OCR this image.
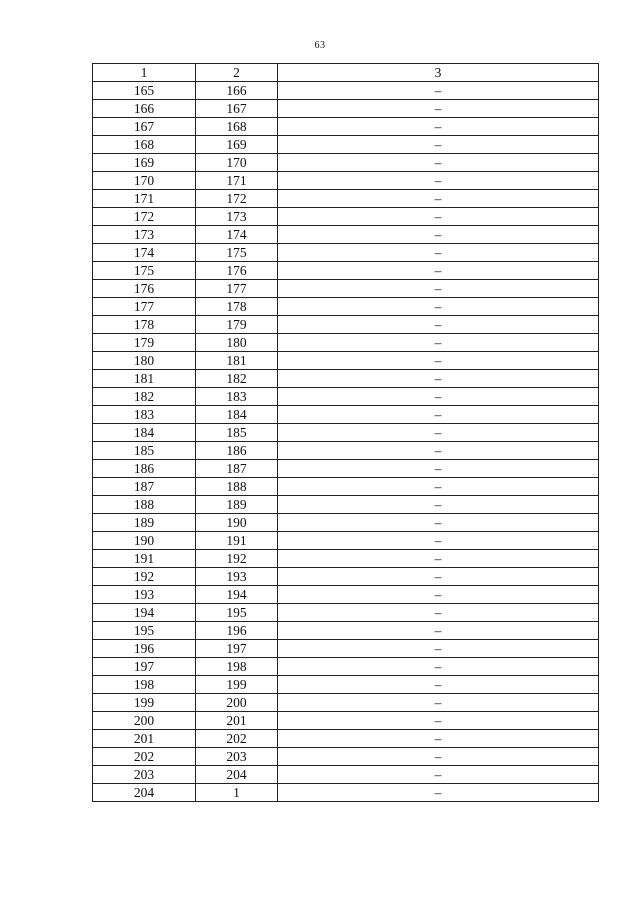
63
1	2	3
165	166	–
166	167	–
167	168	–
168	169	–
169	170	–
170	171	–
171	172	–
172	173	–
173	174	–
174	175	–
175	176	–
176	177	–
177	178	–
178	179	–
179	180	–
180	181	–
181	182	–
182	183	–
183	184	–
184	185	–
185	186	–
186	187	–
187	188	–
188	189	–
189	190	–
190	191	–
191	192	–
192	193	–
193	194	–
194	195	–
195	196	–
196	197	–
197	198	–
198	199	–
199	200	–
200	201	–
201	202	–
202	203	–
203	204	–
204	1	–
